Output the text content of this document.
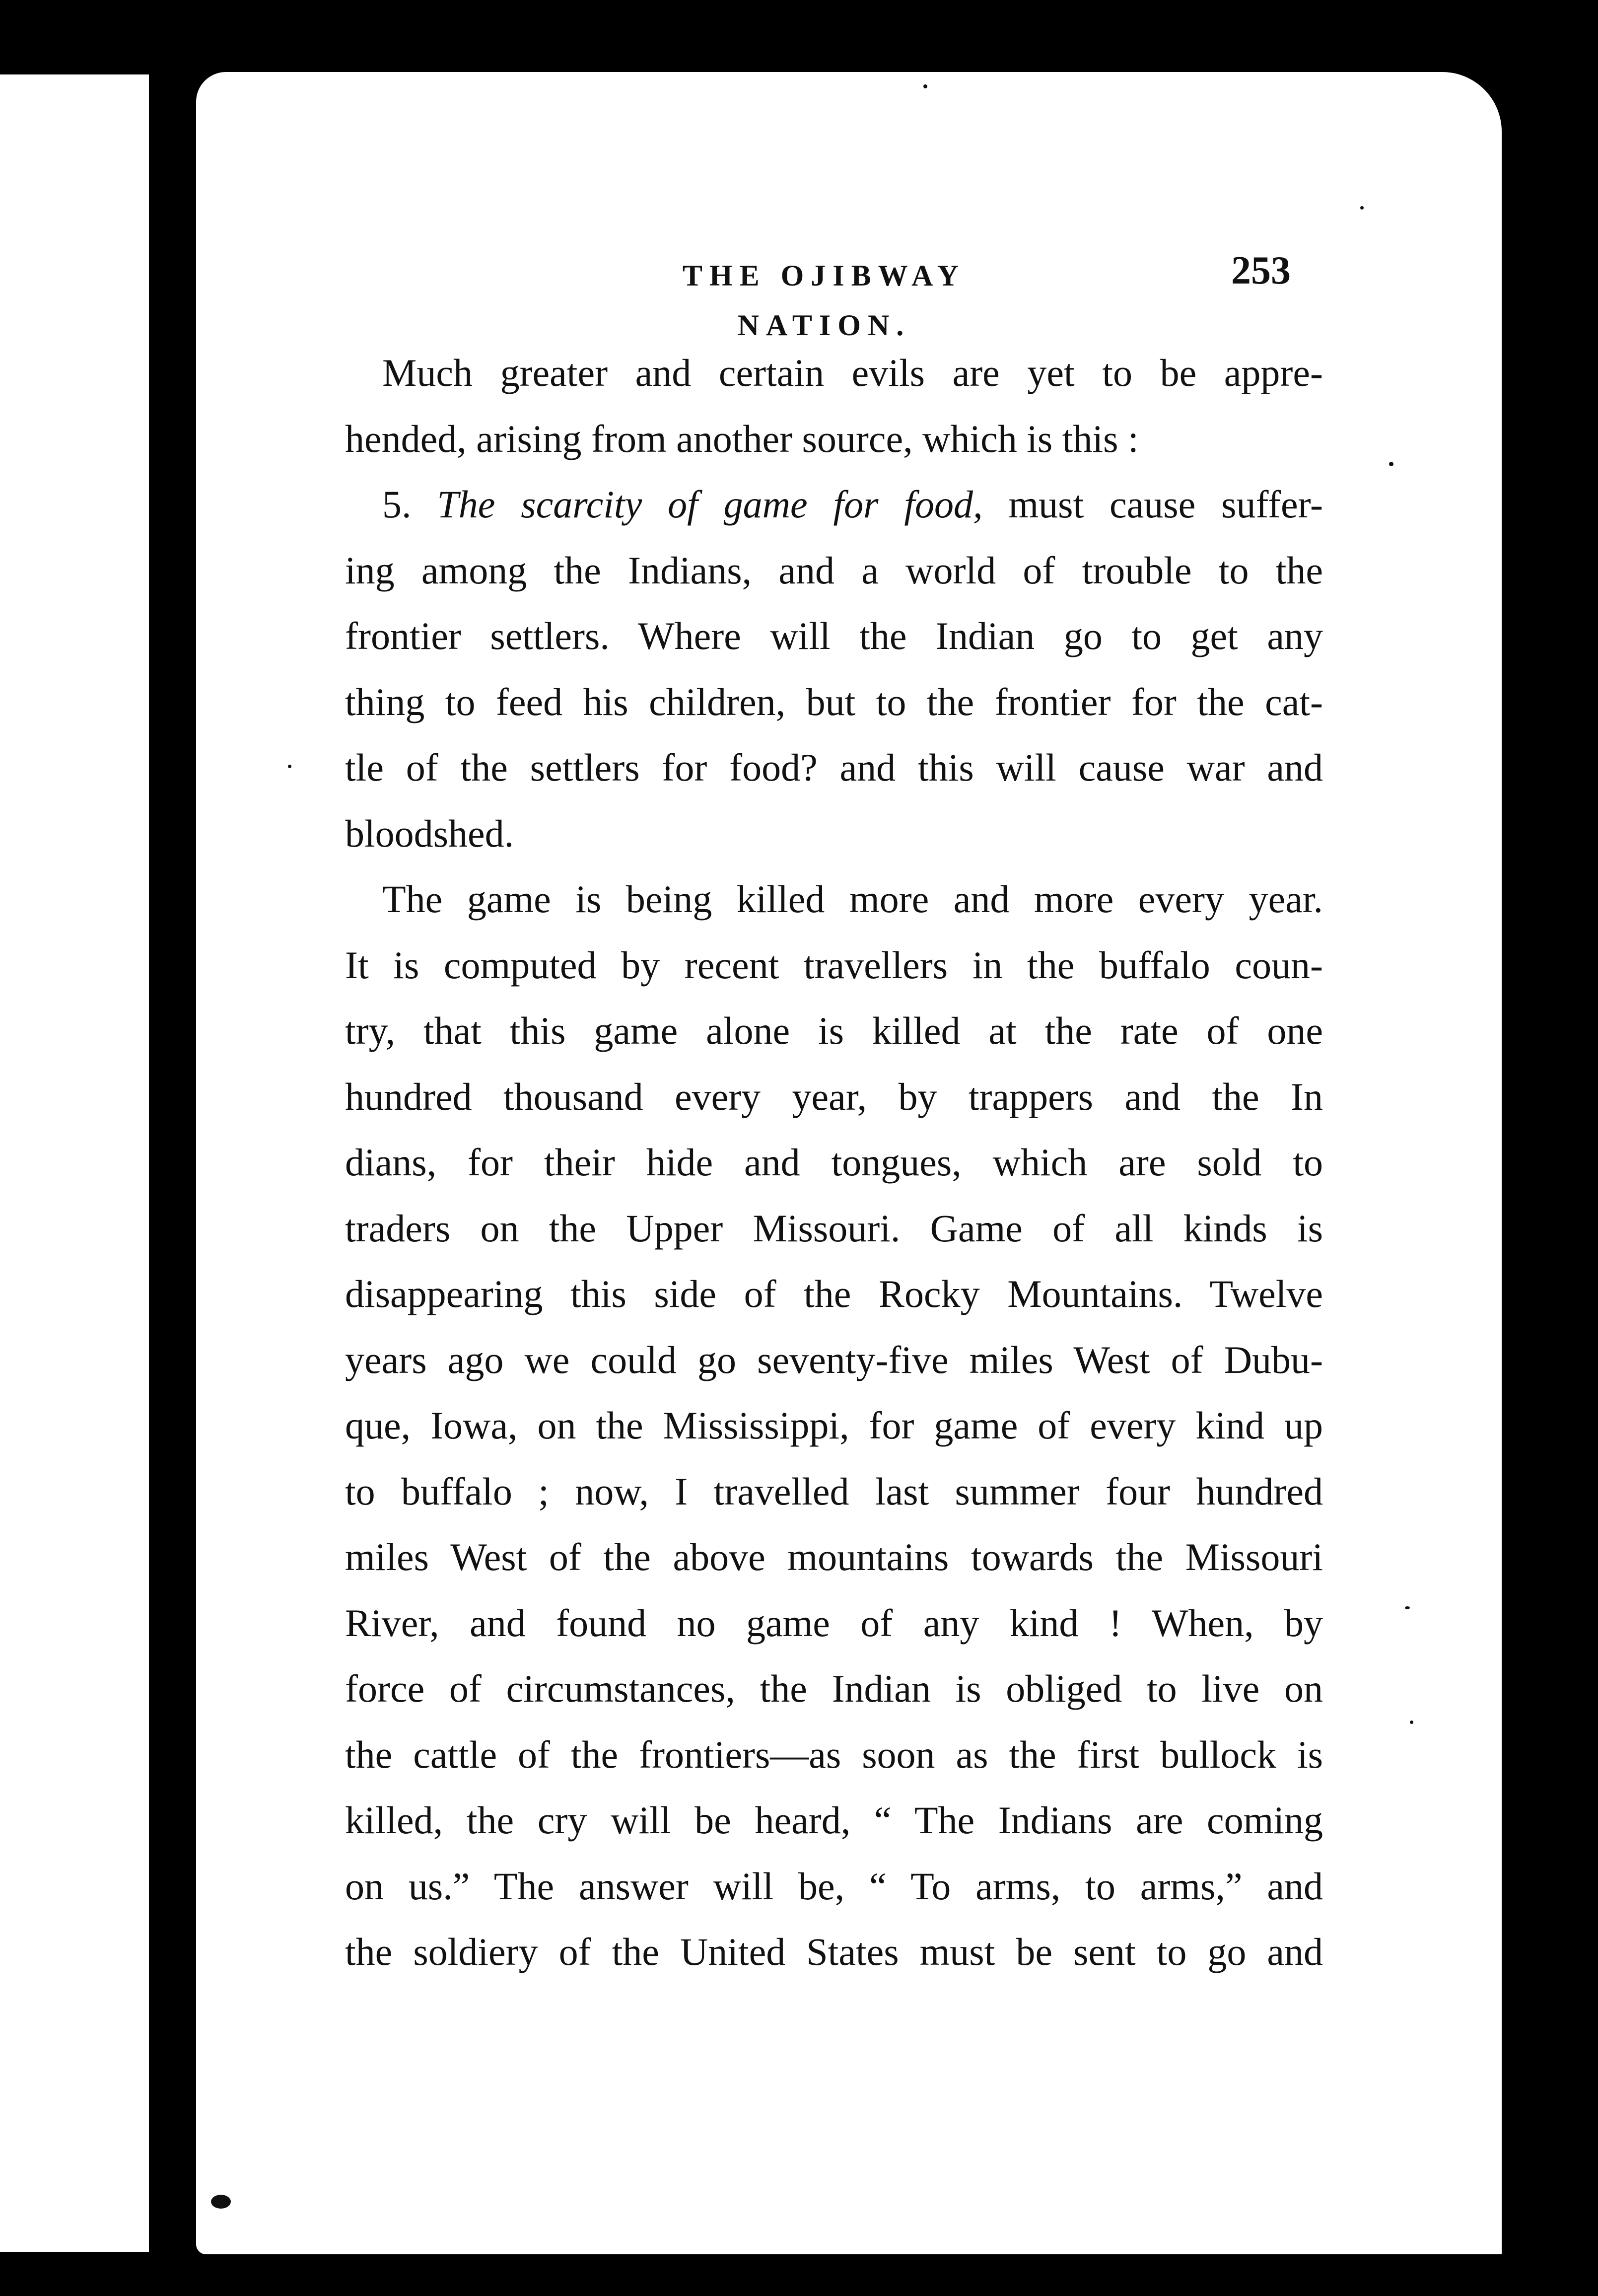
THE OJIBWAY NATION.
253
Much greater and certain evils are yet to be appre-
hended, arising from another source, which is this :
5. The scarcity of game for food, must cause suffer-
ing among the Indians, and a world of trouble to the
frontier settlers. Where will the Indian go to get any
thing to feed his children, but to the frontier for the cat-
tle of the settlers for food? and this will cause war and
bloodshed.
The game is being killed more and more every year.
It is computed by recent travellers in the buffalo coun-
try, that this game alone is killed at the rate of one
hundred thousand every year, by trappers and the In
dians, for their hide and tongues, which are sold to
traders on the Upper Missouri. Game of all kinds is
disappearing this side of the Rocky Mountains. Twelve
years ago we could go seventy-five miles West of Dubu-
que, Iowa, on the Mississippi, for game of every kind up
to buffalo ; now, I travelled last summer four hundred
miles West of the above mountains towards the Missouri
River, and found no game of any kind ! When, by
force of circumstances, the Indian is obliged to live on
the cattle of the frontiers—as soon as the first bullock is
killed, the cry will be heard, “ The Indians are coming
on us.” The answer will be, “ To arms, to arms,” and
the soldiery of the United States must be sent to go and
